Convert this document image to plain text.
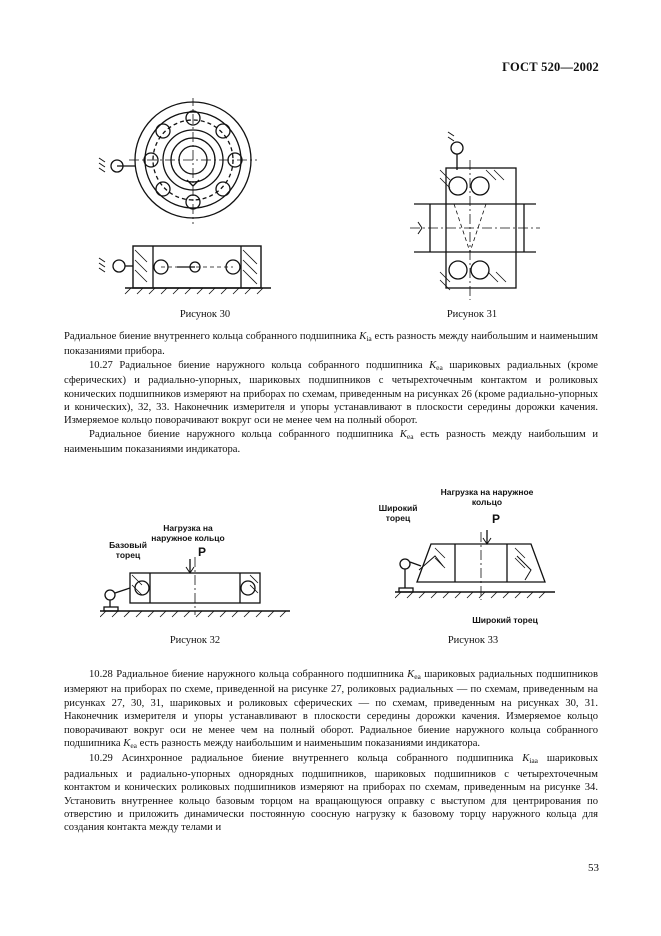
ГОСТ 520—2002
Рисунок 30	Рисунок 31

Радиальное биение внутреннего кольца собранного подшипника $K_{ia}$ есть разность между наибольшим и наименьшим показаниями прибора.

10.27 Радиальное биение наружного кольца собранного подшипника $K_{ea}$ шариковых радиальных (кроме сферических) и радиально-упорных, шариковых подшипников с четырехточечным контактом и роликовых конических подшипников измеряют на приборах по схемам, приведенным на рисунках 26 (кроме радиально-упорных и конических), 32, 33. Наконечник измерителя и упоры устанавливают в плоскости середины дорожки качения. Измеряемое кольцо поворачивают вокруг оси не менее чем на полный оборот.

Радиальное биение наружного кольца собранного подшипника $K_{ea}$ есть разность между наибольшим и наименьшим показаниями индикатора.

Базовый торец
Нагрузка на наружное кольцо
P
Рисунок 32
Широкий торец
Нагрузка на наружное кольцо
P
Широкий торец
Рисунок 33

10.28 Радиальное биение наружного кольца собранного подшипника $K_{ea}$ шариковых радиальных подшипников измеряют на приборах по схеме, приведенной на рисунке 27, роликовых радиальных — по схемам, приведенным на рисунках 27, 30, 31, шариковых и роликовых сферических — по схемам, приведенным на рисунках 30, 31. Наконечник измерителя и упоры устанавливают в плоскости середины дорожки качения. Измеряемое кольцо поворачивают вокруг оси не менее чем на полный оборот. Радиальное биение наружного кольца собранного подшипника $K_{ea}$ есть разность между наибольшим и наименьшим показаниями индикатора.

10.29 Асинхронное радиальное биение внутреннего кольца собранного подшипника $K_{iaa}$ шариковых радиальных и радиально-упорных однорядных подшипников, шариковых подшипников с четырехточечным контактом и конических роликовых подшипников измеряют на приборах по схемам, приведенным на рисунке 34. Установить внутреннее кольцо базовым торцом на вращающуюся оправку с выступом для центрирования по отверстию и приложить динамически постоянную соосную нагрузку к базовому торцу наружного кольца для создания контакта между телами и

53
